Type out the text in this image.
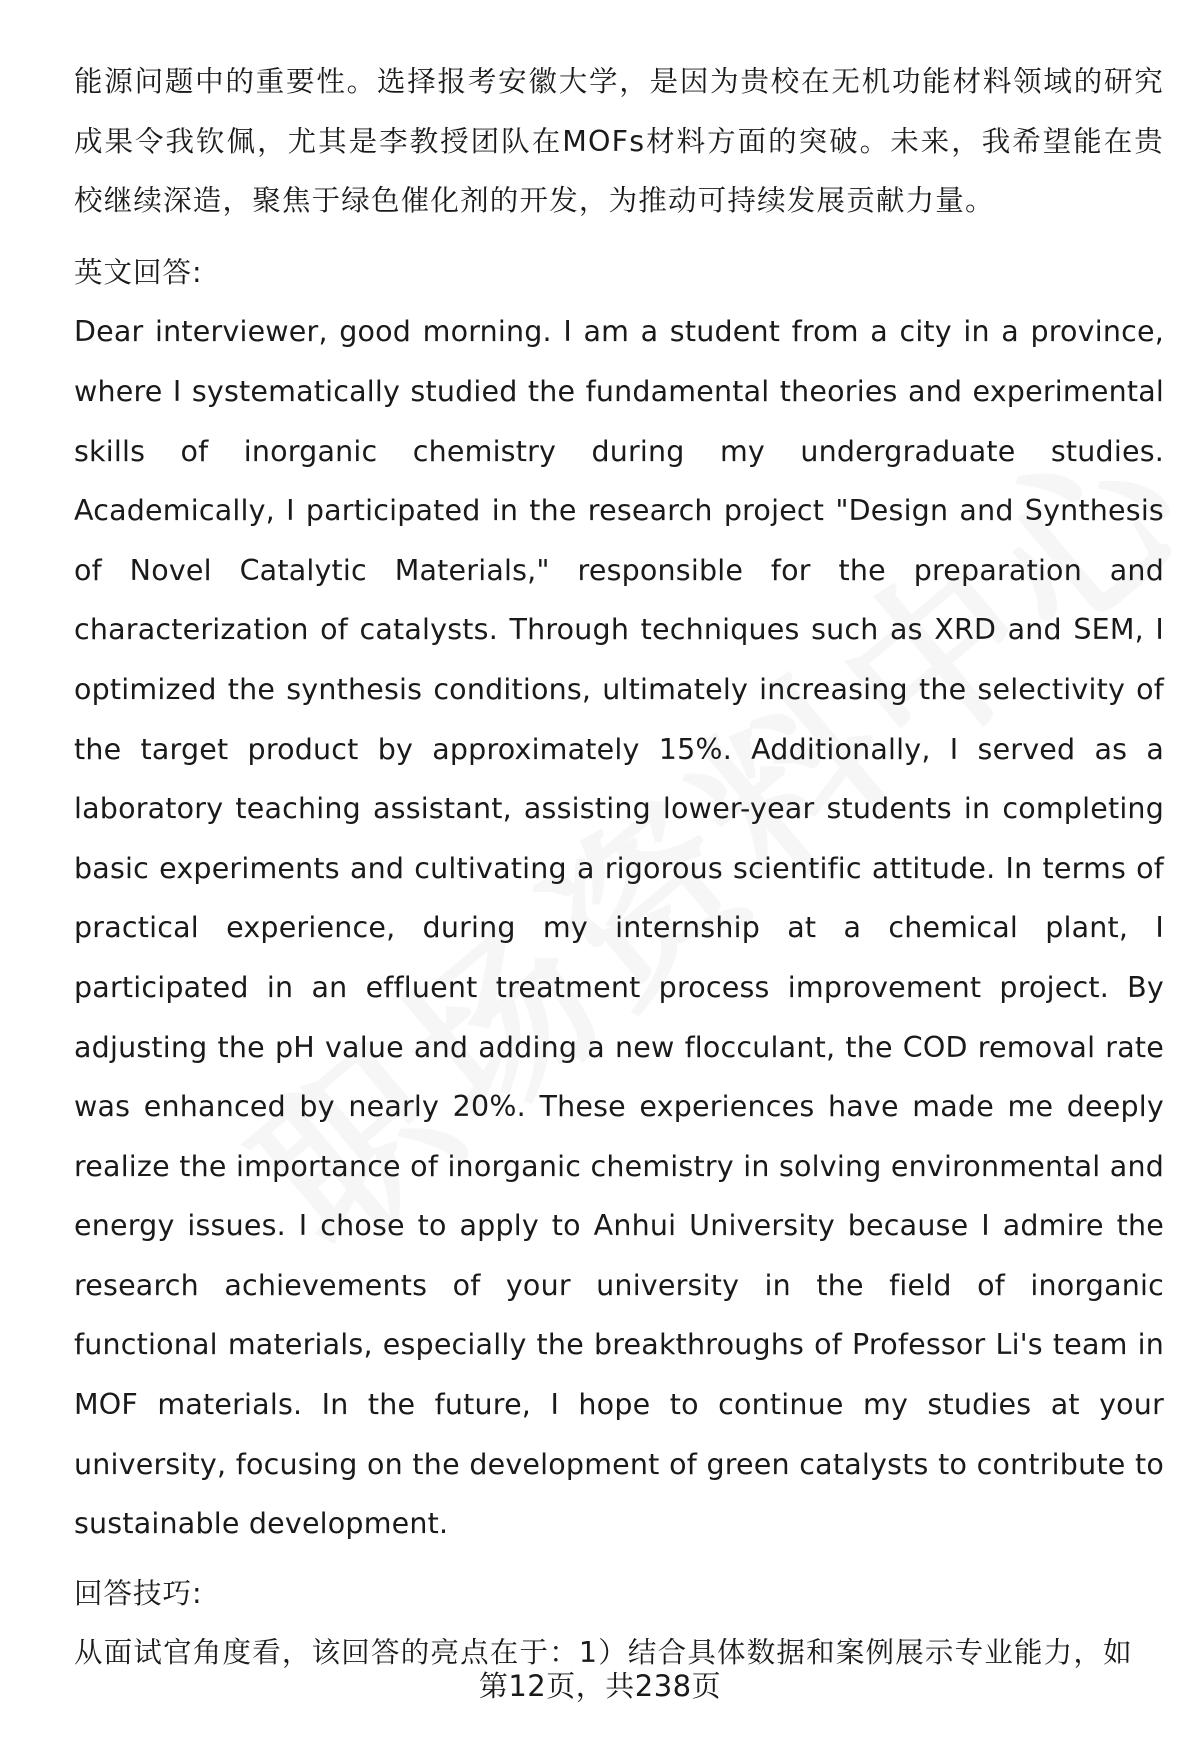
能源问题中的重要性。选择报考安徽大学，是因为贵校在无机功能材料领域的研究成果令我钦佩，尤其是李教授团队在MOFs材料方面的突破。未来，我希望能在贵校继续深造，聚焦于绿色催化剂的开发，为推动可持续发展贡献力量。

英文回答:

Dear interviewer, good morning. I am a student from a city in a province, where I systematically studied the fundamental theories and experimental skills of inorganic chemistry during my undergraduate studies. Academically, I participated in the research project "Design and Synthesis of Novel Catalytic Materials," responsible for the preparation and characterization of catalysts. Through techniques such as XRD and SEM, I optimized the synthesis conditions, ultimately increasing the selectivity of the target product by approximately 15%. Additionally, I served as a laboratory teaching assistant, assisting lower-year students in completing basic experiments and cultivating a rigorous scientific attitude. In terms of practical experience, during my internship at a chemical plant, I participated in an effluent treatment process improvement project. By adjusting the pH value and adding a new flocculant, the COD removal rate was enhanced by nearly 20%. These experiences have made me deeply realize the importance of inorganic chemistry in solving environmental and energy issues. I chose to apply to Anhui University because I admire the research achievements of your university in the field of inorganic functional materials, especially the breakthroughs of Professor Li's team in MOF materials. In the future, I hope to continue my studies at your university, focusing on the development of green catalysts to contribute to sustainable development.

回答技巧:

从面试官角度看，该回答的亮点在于：1）结合具体数据和案例展示专业能力，如

第12页，共238页
